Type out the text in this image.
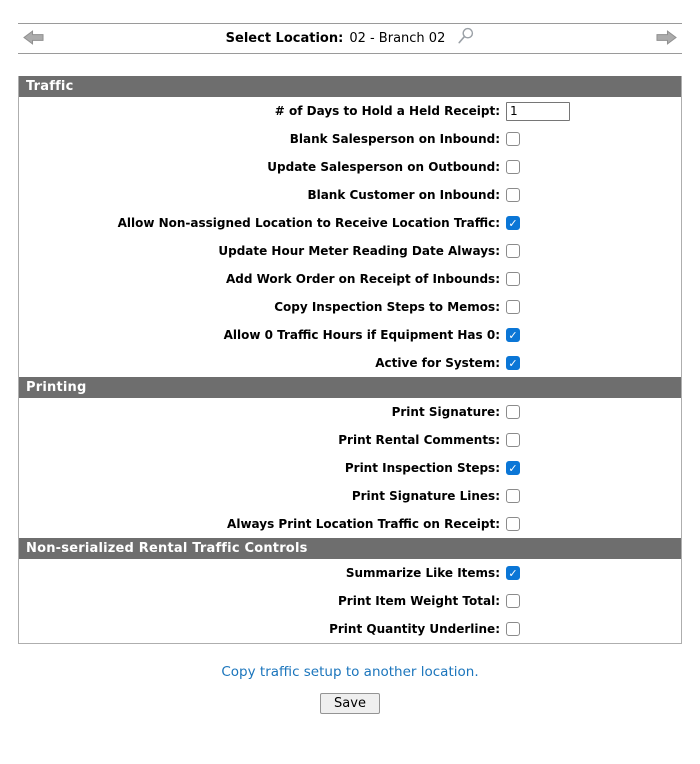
Select Location: 02 - Branch 02
Traffic
# of Days to Hold a Held Receipt:
1
Blank Salesperson on Inbound:
Update Salesperson on Outbound:
Blank Customer on Inbound:
Allow Non-assigned Location to Receive Location Traffic:
✓
Update Hour Meter Reading Date Always:
Add Work Order on Receipt of Inbounds:
Copy Inspection Steps to Memos:
Allow 0 Traffic Hours if Equipment Has 0:
✓
Active for System:
✓
Printing
Print Signature:
Print Rental Comments:
Print Inspection Steps:
✓
Print Signature Lines:
Always Print Location Traffic on Receipt:
Non-serialized Rental Traffic Controls
Summarize Like Items:
✓
Print Item Weight Total:
Print Quantity Underline:
Copy traffic setup to another location.
Save
